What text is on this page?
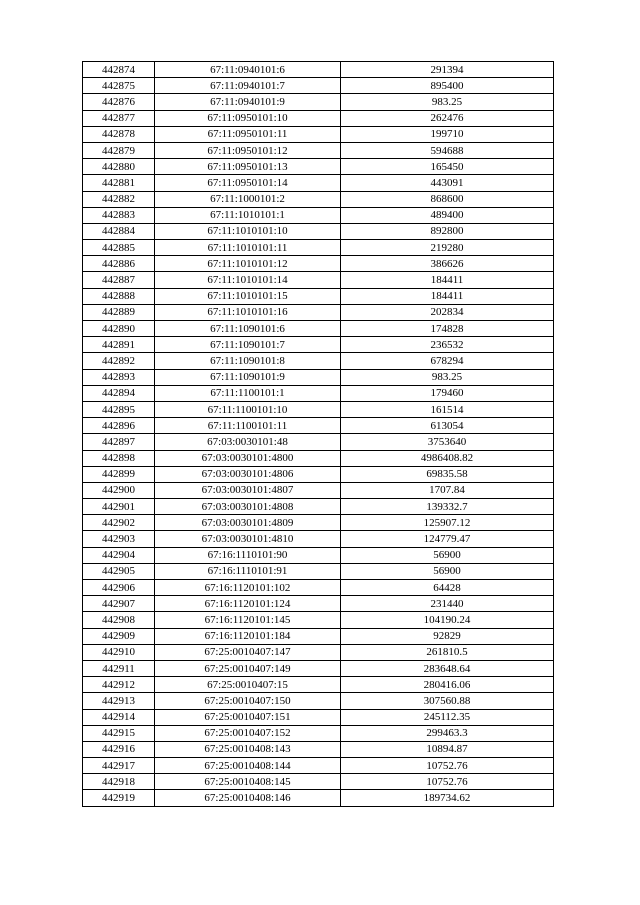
442874	67:11:0940101:6	291394
442875	67:11:0940101:7	895400
442876	67:11:0940101:9	983.25
442877	67:11:0950101:10	262476
442878	67:11:0950101:11	199710
442879	67:11:0950101:12	594688
442880	67:11:0950101:13	165450
442881	67:11:0950101:14	443091
442882	67:11:1000101:2	868600
442883	67:11:1010101:1	489400
442884	67:11:1010101:10	892800
442885	67:11:1010101:11	219280
442886	67:11:1010101:12	386626
442887	67:11:1010101:14	184411
442888	67:11:1010101:15	184411
442889	67:11:1010101:16	202834
442890	67:11:1090101:6	174828
442891	67:11:1090101:7	236532
442892	67:11:1090101:8	678294
442893	67:11:1090101:9	983.25
442894	67:11:1100101:1	179460
442895	67:11:1100101:10	161514
442896	67:11:1100101:11	613054
442897	67:03:0030101:48	3753640
442898	67:03:0030101:4800	4986408.82
442899	67:03:0030101:4806	69835.58
442900	67:03:0030101:4807	1707.84
442901	67:03:0030101:4808	139332.7
442902	67:03:0030101:4809	125907.12
442903	67:03:0030101:4810	124779.47
442904	67:16:1110101:90	56900
442905	67:16:1110101:91	56900
442906	67:16:1120101:102	64428
442907	67:16:1120101:124	231440
442908	67:16:1120101:145	104190.24
442909	67:16:1120101:184	92829
442910	67:25:0010407:147	261810.5
442911	67:25:0010407:149	283648.64
442912	67:25:0010407:15	280416.06
442913	67:25:0010407:150	307560.88
442914	67:25:0010407:151	245112.35
442915	67:25:0010407:152	299463.3
442916	67:25:0010408:143	10894.87
442917	67:25:0010408:144	10752.76
442918	67:25:0010408:145	10752.76
442919	67:25:0010408:146	189734.62
